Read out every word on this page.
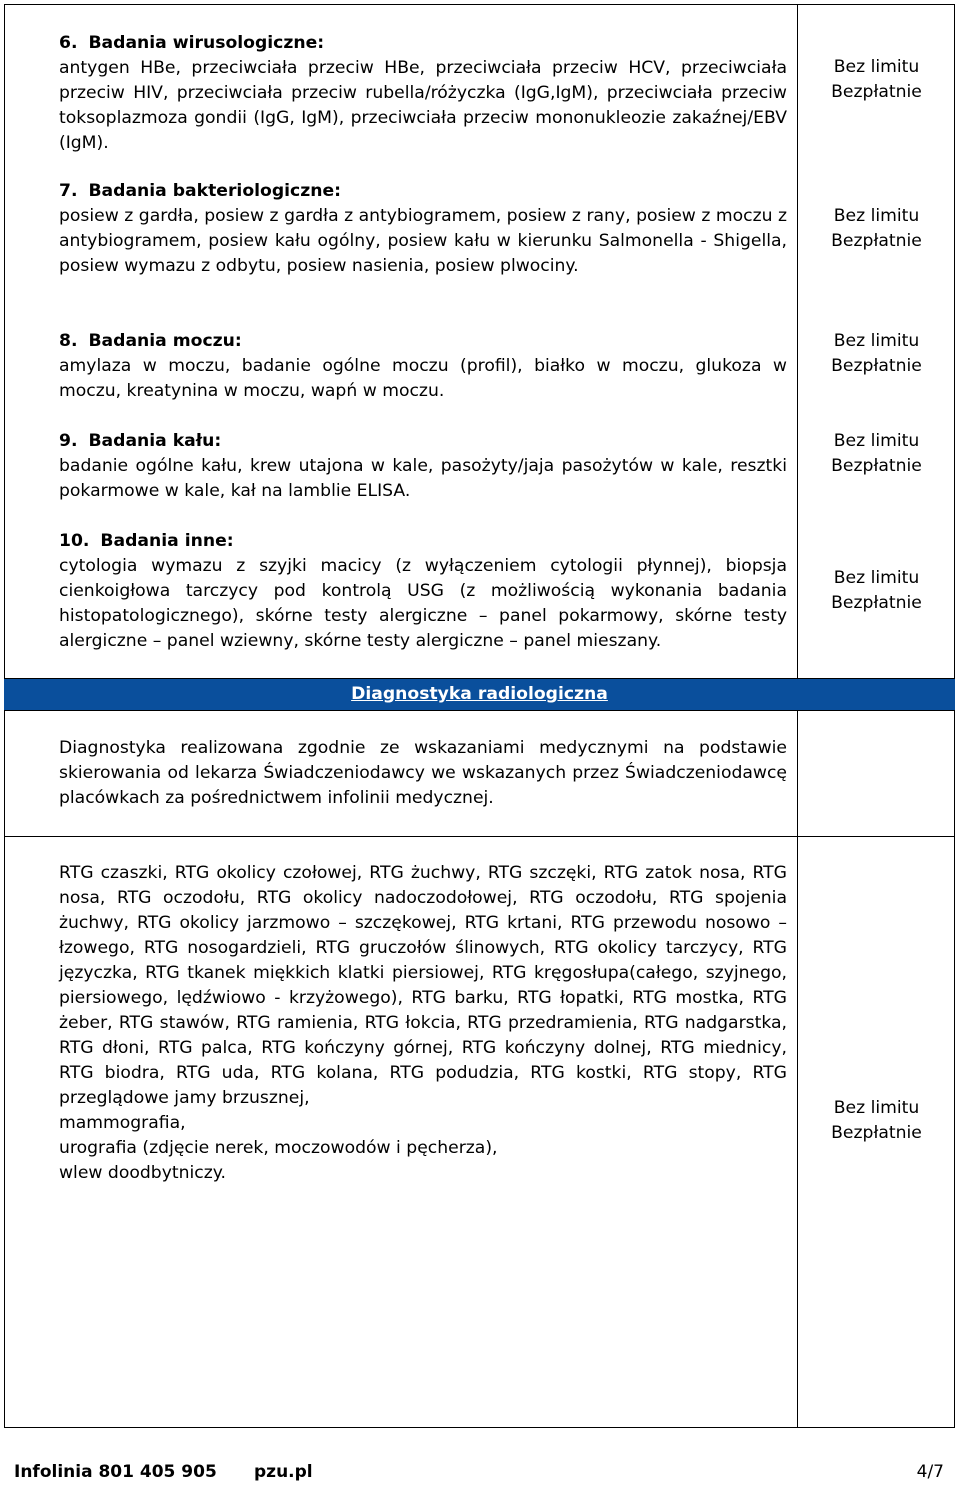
6. Badania wirusologiczne:

antygen HBe, przeciwciała przeciw HBe, przeciwciała przeciw HCV, przeciwciała przeciw HIV, przeciwciała przeciw rubella/różyczka (IgG,IgM), przeciwciała przeciw toksoplazmoza gondii (IgG, IgM), przeciwciała przeciw mononukleozie zakaźnej/EBV (IgM).

Bez limitu
Bezpłatnie

7. Badania bakteriologiczne:

posiew z gardła, posiew z gardła z antybiogramem, posiew z rany, posiew z moczu z antybiogramem, posiew kału ogólny, posiew kału w kierunku Salmonella - Shigella, posiew wymazu z odbytu, posiew nasienia, posiew plwociny.

Bez limitu
Bezpłatnie

8. Badania moczu:

amylaza w moczu, badanie ogólne moczu (profil), białko w moczu, glukoza w moczu, kreatynina w moczu, wapń w moczu.

Bez limitu
Bezpłatnie

9. Badania kału:

badanie ogólne kału, krew utajona w kale, pasożyty/jaja pasożytów w kale, resztki pokarmowe w kale, kał na lamblie ELISA.

Bez limitu
Bezpłatnie

10. Badania inne:

cytologia wymazu z szyjki macicy (z wyłączeniem cytologii płynnej), biopsja cienkoigłowa tarczycy pod kontrolą USG (z możliwością wykonania badania histopatologicznego), skórne testy alergiczne – panel pokarmowy, skórne testy alergiczne – panel wziewny, skórne testy alergiczne – panel mieszany.

Bez limitu
Bezpłatnie
Diagnostyka radiologiczna

Diagnostyka realizowana zgodnie ze wskazaniami medycznymi na podstawie skierowania od lekarza Świadczeniodawcy we wskazanych przez Świadczeniodawcę placówkach za pośrednictwem infolinii medycznej.

RTG czaszki, RTG okolicy czołowej, RTG żuchwy, RTG szczęki, RTG zatok nosa, RTG nosa, RTG oczodołu, RTG okolicy nadoczodołowej, RTG oczodołu, RTG spojenia żuchwy, RTG okolicy jarzmowo – szczękowej, RTG krtani, RTG przewodu nosowo – łzowego, RTG nosogardzieli, RTG gruczołów ślinowych, RTG okolicy tarczycy, RTG języczka, RTG tkanek miękkich klatki piersiowej, RTG kręgosłupa(całego, szyjnego, piersiowego, lędźwiowo - krzyżowego), RTG barku, RTG łopatki, RTG mostka, RTG żeber, RTG stawów, RTG ramienia, RTG łokcia, RTG przedramienia, RTG nadgarstka, RTG dłoni, RTG palca, RTG kończyny górnej, RTG kończyny dolnej, RTG miednicy, RTG biodra, RTG uda, RTG kolana, RTG podudzia, RTG kostki, RTG stopy, RTG przeglądowe jamy brzusznej,

mammografia,

urografia (zdjęcie nerek, moczowodów i pęcherza),

wlew doodbytniczy.

Bez limitu
Bezpłatnie
Infolinia 801 405 905 pzu.pl	4/7
